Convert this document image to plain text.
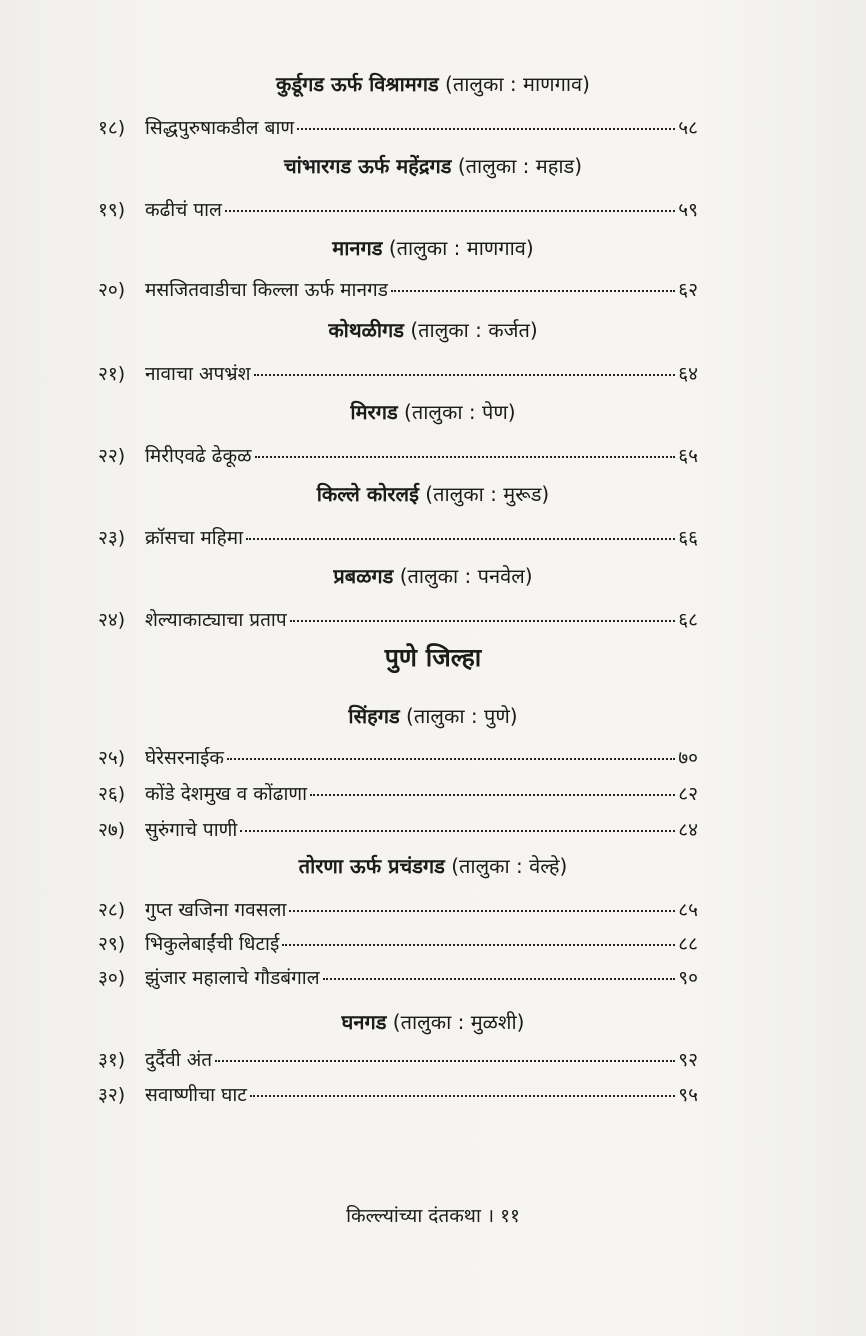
कुर्डूगड ऊर्फ विश्रामगड (तालुका : माणगाव)
१८)	सिद्धपुरुषाकडील बाण	५८
चांभारगड ऊर्फ महेंद्रगड (तालुका : महाड)
१९)	कढीचं पाल	५९
मानगड (तालुका : माणगाव)
२०)	मसजितवाडीचा किल्ला ऊर्फ मानगड	६२
कोथळीगड (तालुका : कर्जत)
२१)	नावाचा अपभ्रंश	६४
मिरगड (तालुका : पेण)
२२)	मिरीएवढे ढेकूळ	६५
किल्ले कोरलई (तालुका : मुरूड)
२३)	क्रॉसचा महिमा	६६
प्रबळगड (तालुका : पनवेल)
२४)	शेल्याकाट्याचा प्रताप	६८
पुणे जिल्हा
सिंहगड (तालुका : पुणे)
२५)	घेरेसरनाईक	७०
२६)	कोंडे देशमुख व कोंढाणा	८२
२७)	सुरुंगाचे पाणी	८४
तोरणा ऊर्फ प्रचंडगड (तालुका : वेल्हे)
२८)	गुप्त खजिना गवसला	८५
२९)	भिकुलेबाईंची धिटाई	८८
३०)	झुंजार महालाचे गौडबंगाल	९०
घनगड (तालुका : मुळशी)
३१)	दुर्दैवी अंत	९२
३२)	सवाष्णीचा घाट	९५
किल्ल्यांच्या दंतकथा । ११
